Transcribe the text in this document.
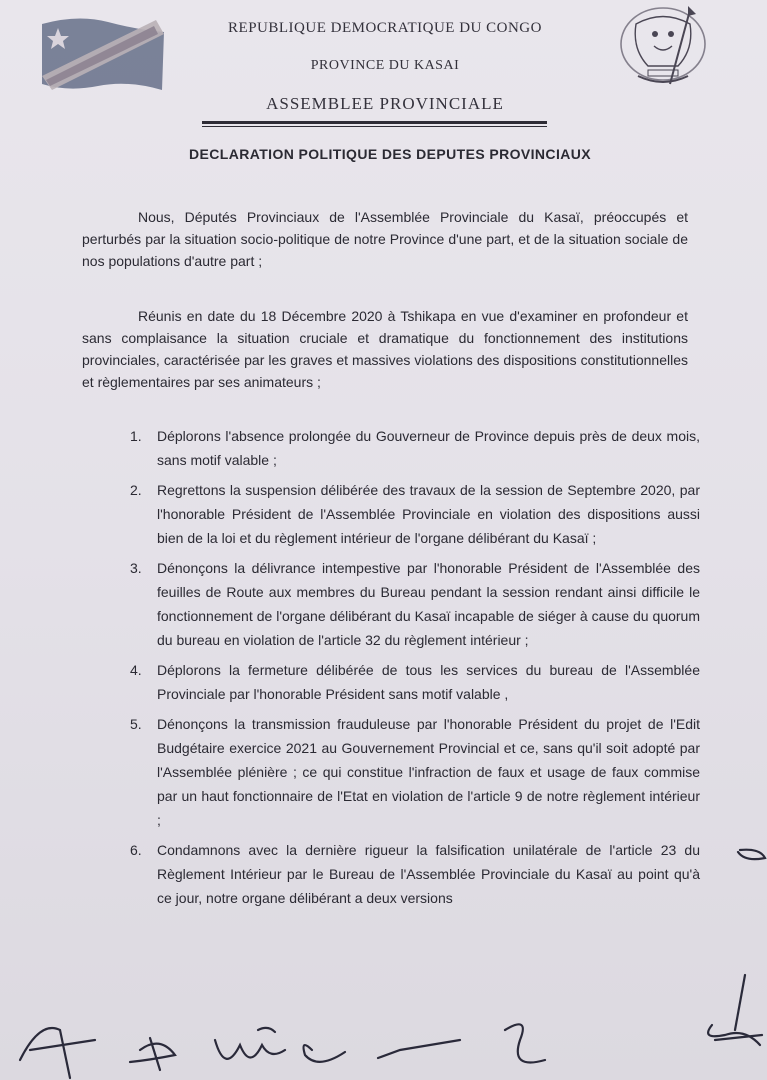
REPUBLIQUE DEMOCRATIQUE DU CONGO
PROVINCE DU KASAI
ASSEMBLEE PROVINCIALE
DECLARATION POLITIQUE DES DEPUTES PROVINCIAUX

Nous, Députés Provinciaux de l'Assemblée Provinciale du Kasaï, préoccupés et perturbés par la situation socio-politique de notre Province d'une part, et de la situation sociale de nos populations d'autre part ;

Réunis en date du 18 Décembre 2020 à Tshikapa en vue d'examiner en profondeur et sans complaisance la situation cruciale et dramatique du fonctionnement des institutions provinciales, caractérisée par les graves et massives violations des dispositions constitutionnelles et règlementaires par ses animateurs ;

1. Déplorons l'absence prolongée du Gouverneur de Province depuis près de deux mois, sans motif valable ;
2. Regrettons la suspension délibérée des travaux de la session de Septembre 2020, par l'honorable Président de l'Assemblée Provinciale en violation des dispositions aussi bien de la loi et du règlement intérieur de l'organe délibérant du Kasaï ;
3. Dénonçons la délivrance intempestive par l'honorable Président de l'Assemblée des feuilles de Route aux membres du Bureau pendant la session rendant ainsi difficile le fonctionnement de l'organe délibérant du Kasaï incapable de siéger à cause du quorum du bureau en violation de l'article 32 du règlement intérieur ;
4. Déplorons la fermeture délibérée de tous les services du bureau de l'Assemblée Provinciale par l'honorable Président sans motif valable ,
5. Dénonçons la transmission frauduleuse par l'honorable Président du projet de l'Edit Budgétaire exercice 2021 au Gouvernement Provincial et ce, sans qu'il soit adopté par l'Assemblée plénière ; ce qui constitue l'infraction de faux et usage de faux commise par un haut fonctionnaire de l'Etat en violation de l'article 9 de notre règlement intérieur ;
6. Condamnons avec la dernière rigueur la falsification unilatérale de l'article 23 du Règlement Intérieur par le Bureau de l'Assemblée Provinciale du Kasaï au point qu'à ce jour, notre organe délibérant a deux versions
